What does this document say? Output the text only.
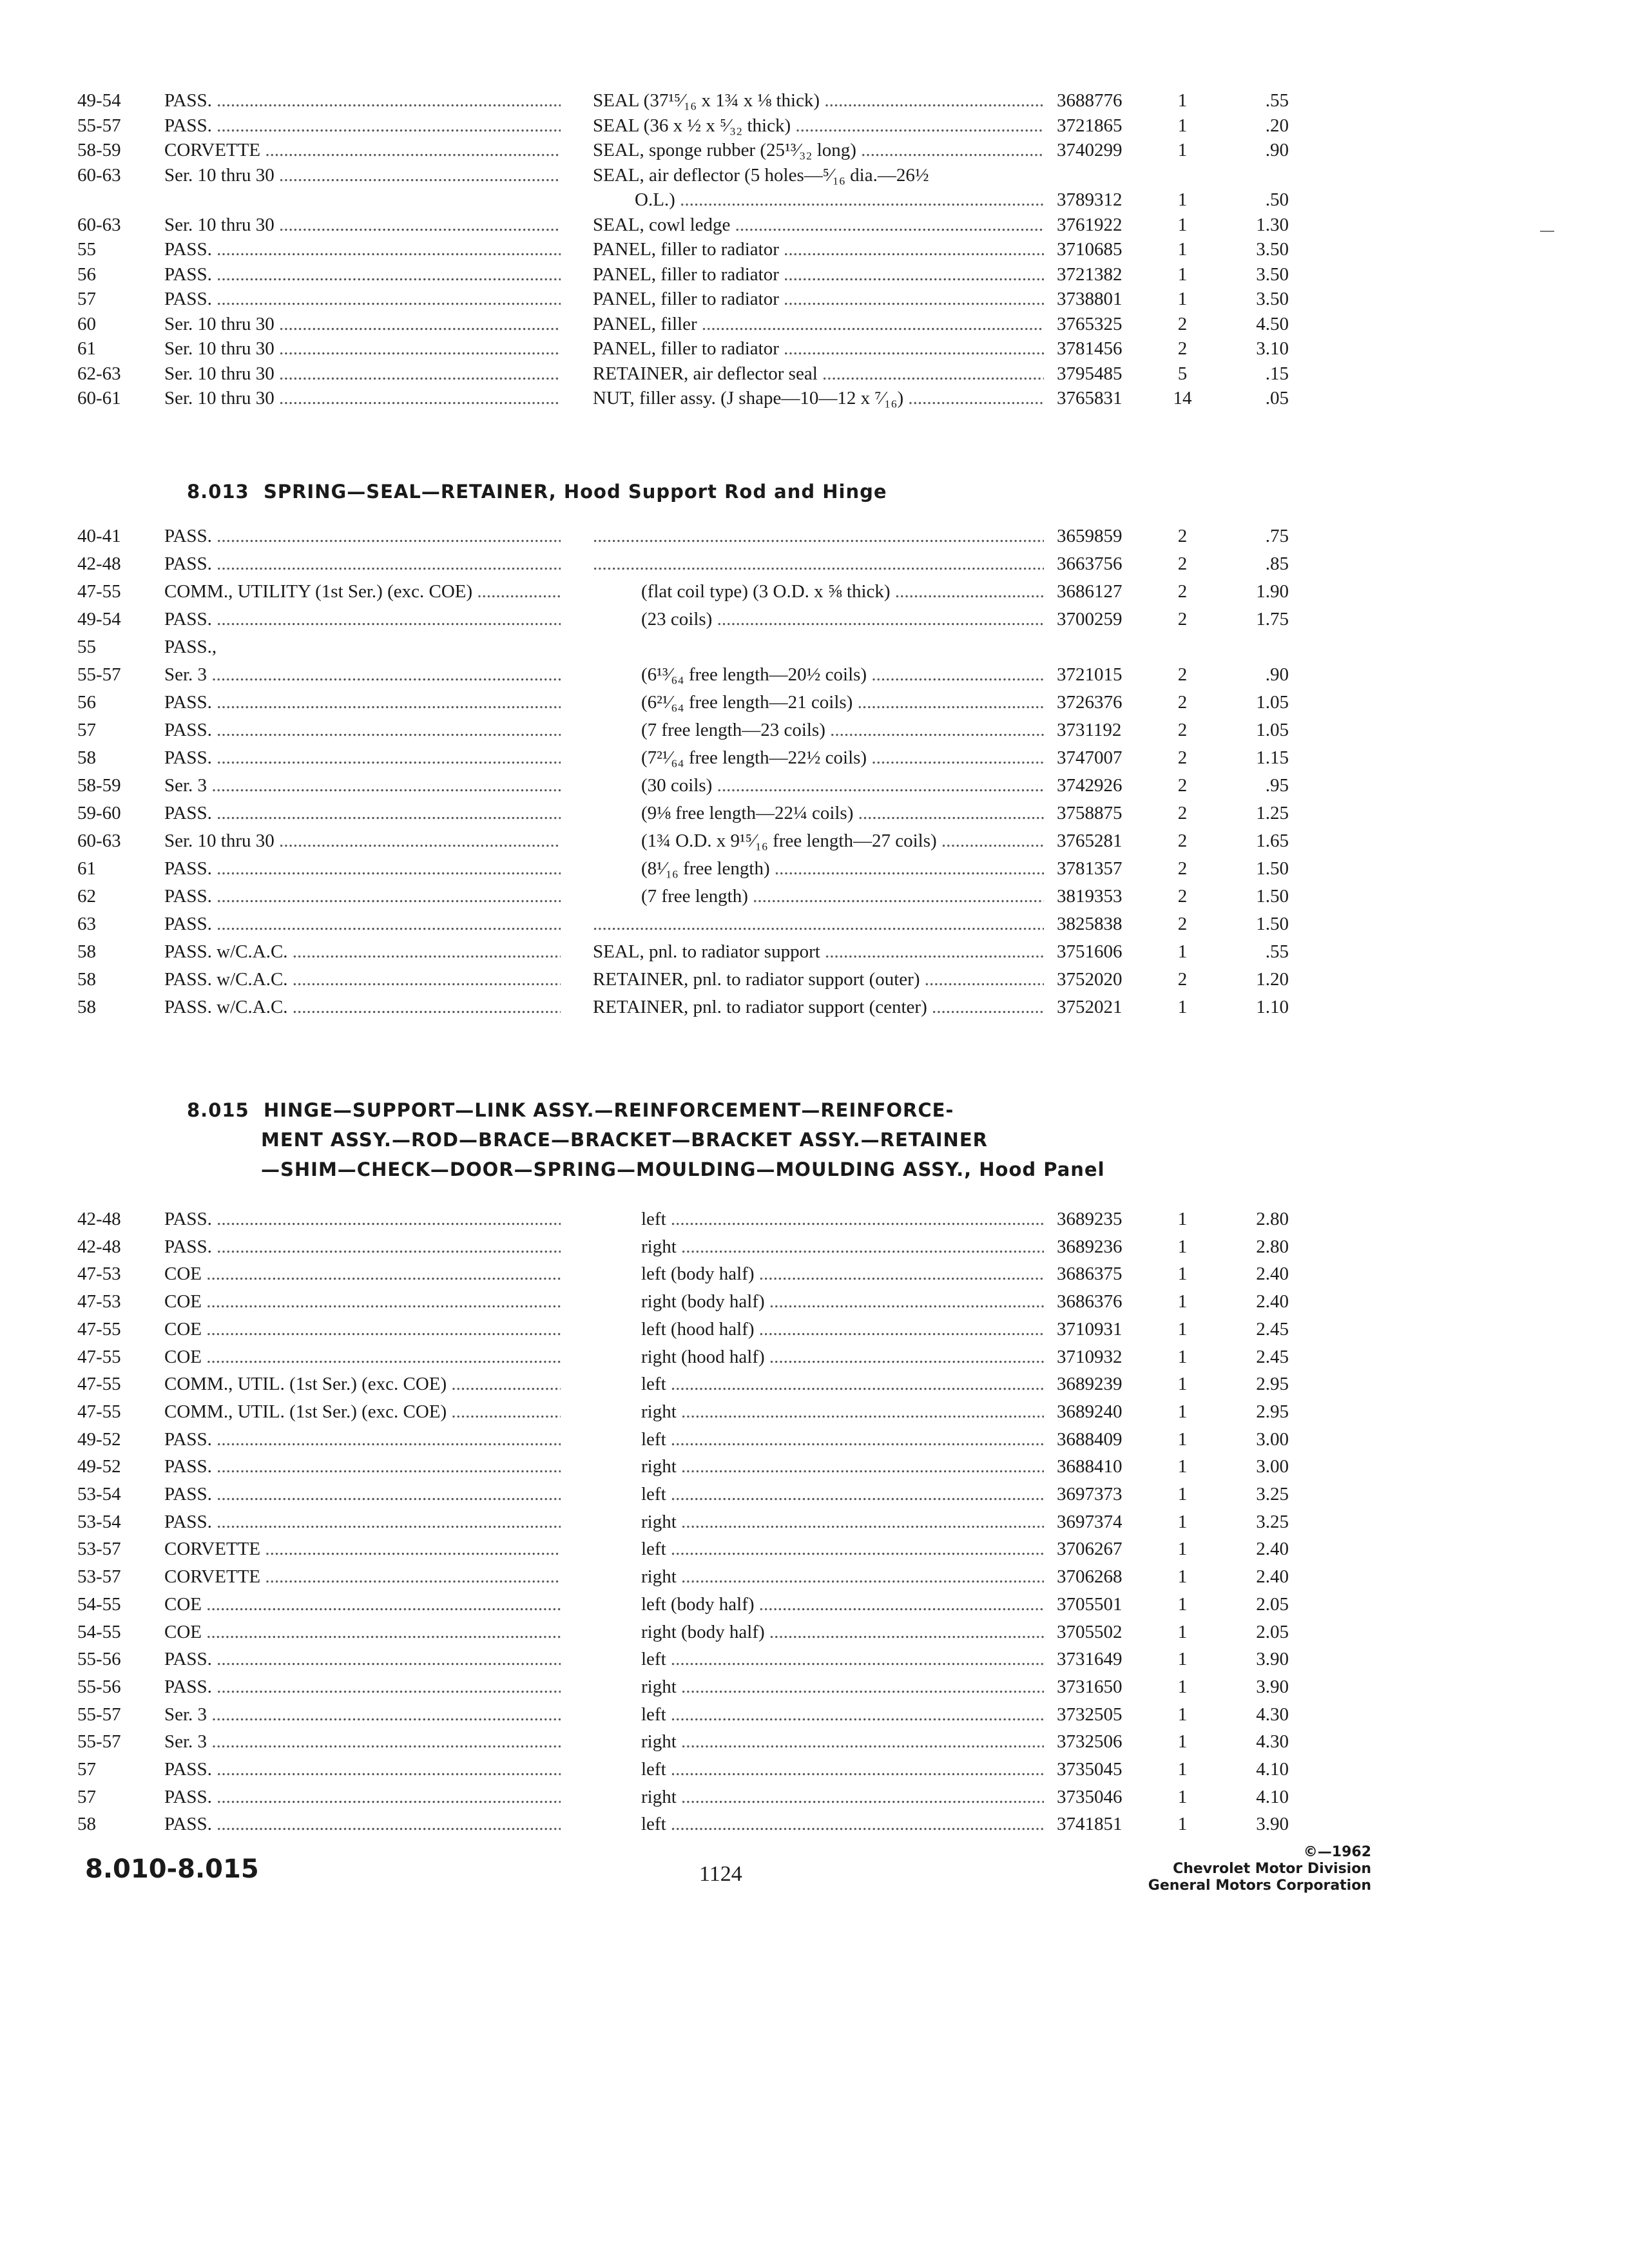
49-54 PASS. .....	SEAL (37¹⁵⁄₁₆ x 1¾ x ⅛ thick) .....	3688776	1	.55
55-57 PASS. .....	SEAL (36 x ½ x ⁵⁄₃₂ thick) .....	3721865	1	.20
58-59 CORVETTE .....	SEAL, sponge rubber (25¹³⁄₃₂ long) .....	3740299	1	.90
60-63 Ser. 10 thru 30 .....	SEAL, air deflector (5 holes—⁵⁄₁₆ dia.—26½
O.L.) .....	3789312	1	.50
60-63 Ser. 10 thru 30 .....	SEAL, cowl ledge .....	3761922	1	1.30
55	PASS. .....	PANEL, filler to radiator .....	3710685	1	3.50
56	PASS. .....	PANEL, filler to radiator .....	3721382	1	3.50
57	PASS. .....	PANEL, filler to radiator .....	3738801	1	3.50
60	Ser. 10 thru 30 .....	PANEL, filler .....	3765325	2	4.50
61	Ser. 10 thru 30 .....	PANEL, filler to radiator .....	3781456	2	3.10
62-63 Ser. 10 thru 30 .....	RETAINER, air deflector seal .....	3795485	5	.15
60-61 Ser. 10 thru 30 .....	NUT, filler assy. (J shape—10—12 x ⁷⁄₁₆) .....	3765831	14	.05
8.013 SPRING—SEAL—RETAINER, Hood Support Rod and Hinge
40-41 PASS. ..... .....	3659859	2	.75
42-48 PASS. ..... .....	3663756	2	.85
47-55 COMM., UTILITY (1st Ser.) (exc. COE) .....	(flat coil type) (3 O.D. x ⅝ thick) .....	3686127	2	1.90
49-54 PASS. .....	(23 coils) .....	3700259	2	1.75
55	PASS.,
55-57 Ser. 3 .....	(6¹³⁄₆₄ free length—20½ coils) .....	3721015	2	.90
56	PASS. .....	(6²¹⁄₆₄ free length—21 coils) .....	3726376	2	1.05
57	PASS. .....	(7 free length—23 coils) .....	3731192	2	1.05
58	PASS. .....	(7²¹⁄₆₄ free length—22½ coils) .....	3747007	2	1.15
58-59 Ser. 3 .....	(30 coils) .....	3742926	2	.95
59-60 PASS. .....	(9⅛ free length—22¼ coils) .....	3758875	2	1.25
60-63 Ser. 10 thru 30 .....	(1¾ O.D. x 9¹⁵⁄₁₆ free length—27 coils) .....	3765281	2	1.65
61	PASS. .....	(8¹⁄₁₆ free length) .....	3781357	2	1.50
62	PASS. .....	(7 free length) .....	3819353	2	1.50
63	PASS. ..... .....	3825838	2	1.50
58	PASS. w/C.A.C. .....	SEAL, pnl. to radiator support .....	3751606	1	.55
58	PASS. w/C.A.C. .....	RETAINER, pnl. to radiator support (outer) .....	3752020	2	1.20
58	PASS. w/C.A.C. .....	RETAINER, pnl. to radiator support (center) .....	3752021	1	1.10
8.015 HINGE—SUPPORT—LINK ASSY.—REINFORCEMENT—REINFORCE-
MENT ASSY.—ROD—BRACE—BRACKET—BRACKET ASSY.—RETAINER
—SHIM—CHECK—DOOR—SPRING—MOULDING—MOULDING ASSY., Hood Panel
42-48 PASS. .....	left .....	3689235	1	2.80
42-48 PASS. .....	right .....	3689236	1	2.80
47-53 COE .....	left (body half) .....	3686375	1	2.40
47-53 COE .....	right (body half) .....	3686376	1	2.40
47-55 COE .....	left (hood half) .....	3710931	1	2.45
47-55 COE .....	right (hood half) .....	3710932	1	2.45
47-55 COMM., UTIL. (1st Ser.) (exc. COE) .....	left .....	3689239	1	2.95
47-55 COMM., UTIL. (1st Ser.) (exc. COE) .....	right .....	3689240	1	2.95
49-52 PASS. .....	left .....	3688409	1	3.00
49-52 PASS. .....	right .....	3688410	1	3.00
53-54 PASS. .....	left .....	3697373	1	3.25
53-54 PASS. .....	right .....	3697374	1	3.25
53-57 CORVETTE .....	left .....	3706267	1	2.40
53-57 CORVETTE .....	right .....	3706268	1	2.40
54-55 COE .....	left (body half) .....	3705501	1	2.05
54-55 COE .....	right (body half) .....	3705502	1	2.05
55-56 PASS. .....	left .....	3731649	1	3.90
55-56 PASS. .....	right .....	3731650	1	3.90
55-57 Ser. 3 .....	left .....	3732505	1	4.30
55-57 Ser. 3 .....	right .....	3732506	1	4.30
57	PASS. .....	left .....	3735045	1	4.10
57	PASS. .....	right .....	3735046	1	4.10
58	PASS. .....	left .....	3741851	1	3.90
8.010-8.015	1124
©—1962
Chevrolet Motor Division
General Motors Corporation
